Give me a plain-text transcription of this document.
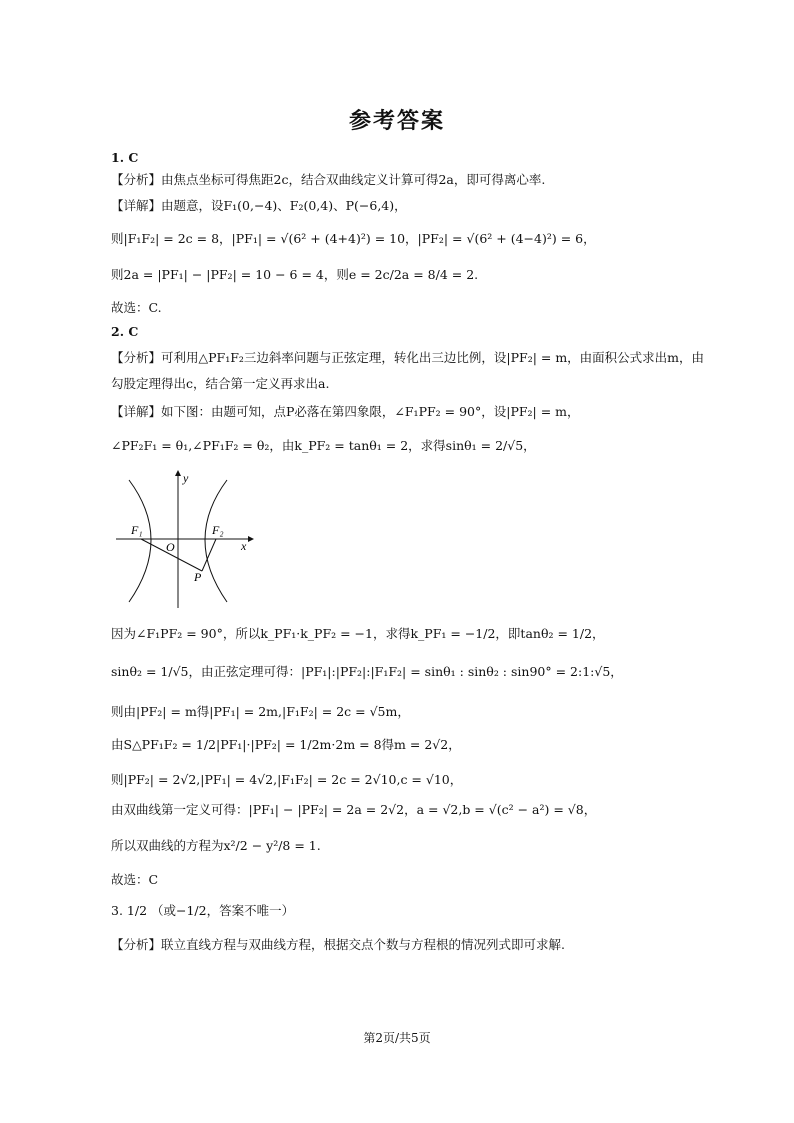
参考答案
1. C
【分析】由焦点坐标可得焦距2c，结合双曲线定义计算可得2a，即可得离心率.
【详解】由题意，设F₁(0,−4)、F₂(0,4)、P(−6,4)，
则|F₁F₂| = 2c = 8，|PF₁| = √(6² + (4+4)²) = 10，|PF₂| = √(6² + (4−4)²) = 6，
则2a = |PF₁| − |PF₂| = 10 − 6 = 4，则e = 2c/2a = 8/4 = 2.
故选：C.
2. C
【分析】可利用△PF₁F₂三边斜率问题与正弦定理，转化出三边比例，设|PF₂| = m，由面积公式求出m，由
勾股定理得出c，结合第一定义再求出a.
【详解】如下图：由题可知，点P必落在第四象限，∠F₁PF₂ = 90°，设|PF₂| = m，
∠PF₂F₁ = θ₁,∠PF₁F₂ = θ₂，由k_PF₂ = tanθ₁ = 2，求得sinθ₁ = 2/√5，
y
x
O
F₁	F₂
P
因为∠F₁PF₂ = 90°，所以k_PF₁·k_PF₂ = −1，求得k_PF₁ = −1/2，即tanθ₂ = 1/2，
sinθ₂ = 1/√5，由正弦定理可得：|PF₁|:|PF₂|:|F₁F₂| = sinθ₁ : sinθ₂ : sin90° = 2:1:√5，
则由|PF₂| = m得|PF₁| = 2m,|F₁F₂| = 2c = √5m，
由S△PF₁F₂ = 1/2|PF₁|·|PF₂| = 1/2m·2m = 8得m = 2√2，
则|PF₂| = 2√2,|PF₁| = 4√2,|F₁F₂| = 2c = 2√10,c = √10，
由双曲线第一定义可得：|PF₁| − |PF₂| = 2a = 2√2，a = √2,b = √(c² − a²) = √8，
所以双曲线的方程为x²/2 − y²/8 = 1.
故选：C
3. 1/2 （或−1/2，答案不唯一）
【分析】联立直线方程与双曲线方程，根据交点个数与方程根的情况列式即可求解.
第2页/共5页
